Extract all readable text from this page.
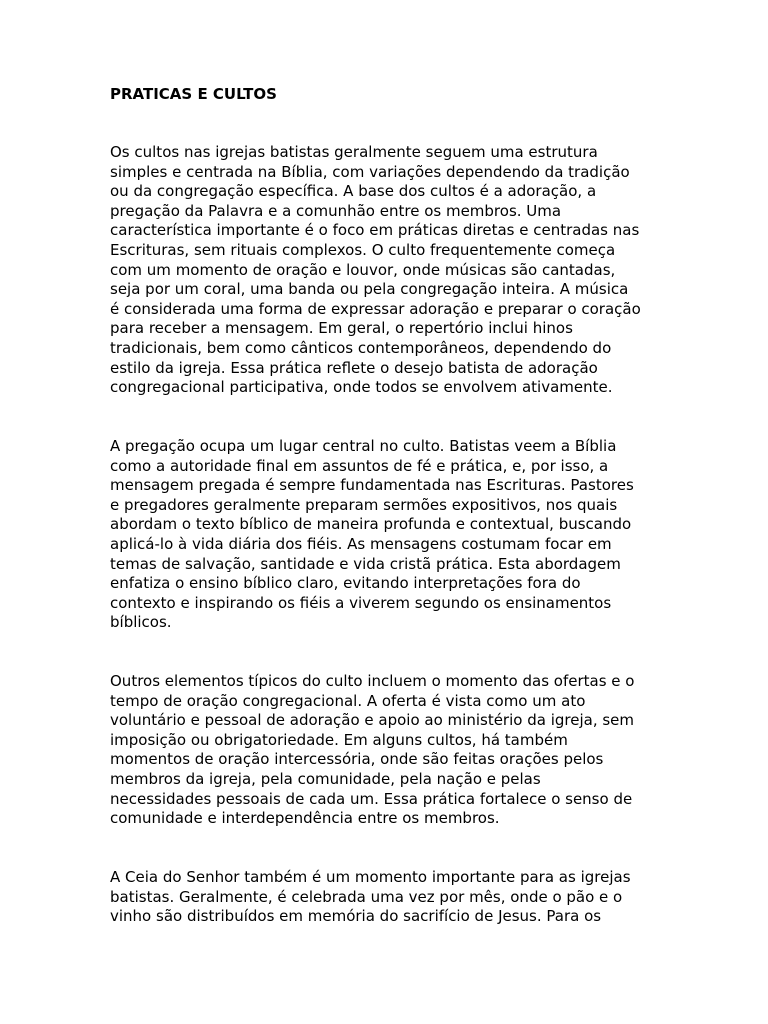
PRATICAS E CULTOS

Os cultos nas igrejas batistas geralmente seguem uma estrutura
simples e centrada na Bíblia, com variações dependendo da tradição
ou da congregação específica. A base dos cultos é a adoração, a
pregação da Palavra e a comunhão entre os membros. Uma
característica importante é o foco em práticas diretas e centradas nas
Escrituras, sem rituais complexos. O culto frequentemente começa
com um momento de oração e louvor, onde músicas são cantadas,
seja por um coral, uma banda ou pela congregação inteira. A música
é considerada uma forma de expressar adoração e preparar o coração
para receber a mensagem. Em geral, o repertório inclui hinos
tradicionais, bem como cânticos contemporâneos, dependendo do
estilo da igreja. Essa prática reflete o desejo batista de adoração
congregacional participativa, onde todos se envolvem ativamente.

A pregação ocupa um lugar central no culto. Batistas veem a Bíblia
como a autoridade final em assuntos de fé e prática, e, por isso, a
mensagem pregada é sempre fundamentada nas Escrituras. Pastores
e pregadores geralmente preparam sermões expositivos, nos quais
abordam o texto bíblico de maneira profunda e contextual, buscando
aplicá-lo à vida diária dos fiéis. As mensagens costumam focar em
temas de salvação, santidade e vida cristã prática. Esta abordagem
enfatiza o ensino bíblico claro, evitando interpretações fora do
contexto e inspirando os fiéis a viverem segundo os ensinamentos
bíblicos.

Outros elementos típicos do culto incluem o momento das ofertas e o
tempo de oração congregacional. A oferta é vista como um ato
voluntário e pessoal de adoração e apoio ao ministério da igreja, sem
imposição ou obrigatoriedade. Em alguns cultos, há também
momentos de oração intercessória, onde são feitas orações pelos
membros da igreja, pela comunidade, pela nação e pelas
necessidades pessoais de cada um. Essa prática fortalece o senso de
comunidade e interdependência entre os membros.

A Ceia do Senhor também é um momento importante para as igrejas
batistas. Geralmente, é celebrada uma vez por mês, onde o pão e o
vinho são distribuídos em memória do sacrifício de Jesus. Para os
